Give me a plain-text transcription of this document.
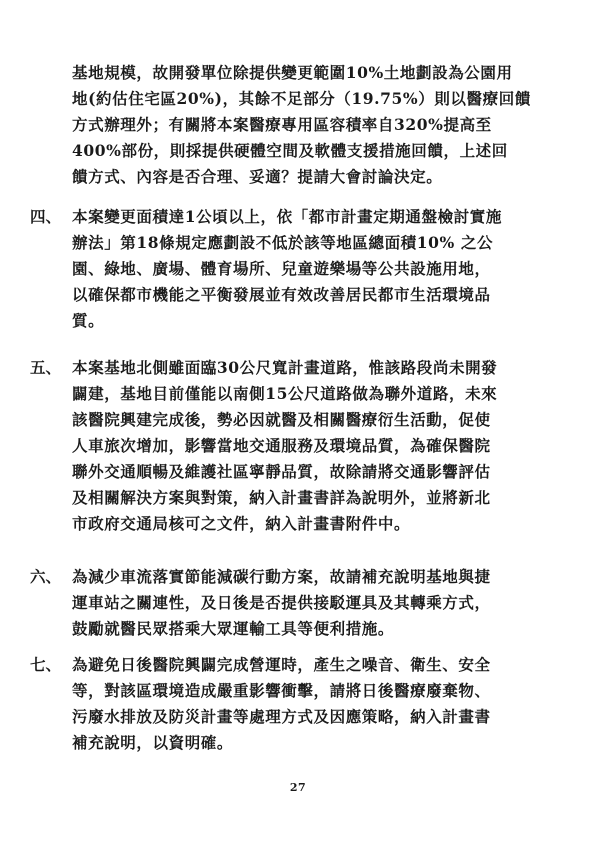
基地規模，故開發單位除提供變更範圍10%土地劃設為公園用
地(約估住宅區20%)，其餘不足部分（19.75%）則以醫療回饋
方式辦理外；有關將本案醫療專用區容積率自320%提高至
400%部份，則採提供硬體空間及軟體支援措施回饋，上述回
饋方式、內容是否合理、妥適？提請大會討論決定。
四、 本案變更面積達1公頃以上，依「都市計畫定期通盤檢討實施
辦法」第18條規定應劃設不低於該等地區總面積10% 之公
園、綠地、廣場、體育場所、兒童遊樂場等公共設施用地，
以確保都市機能之平衡發展並有效改善居民都市生活環境品
質。
五、 本案基地北側雖面臨30公尺寬計畫道路，惟該路段尚未開發
闢建，基地目前僅能以南側15公尺道路做為聯外道路，未來
該醫院興建完成後，勢必因就醫及相關醫療衍生活動，促使
人車旅次增加，影響當地交通服務及環境品質，為確保醫院
聯外交通順暢及維護社區寧靜品質，故除請將交通影響評估
及相關解決方案與對策，納入計畫書詳為說明外，並將新北
市政府交通局核可之文件，納入計畫書附件中。
六、 為減少車流落實節能減碳行動方案，故請補充說明基地與捷
運車站之關連性，及日後是否提供接駁運具及其轉乘方式，
鼓勵就醫民眾搭乘大眾運輸工具等便利措施。
七、 為避免日後醫院興闢完成營運時，產生之噪音、衛生、安全
等，對該區環境造成嚴重影響衝擊，請將日後醫療廢棄物、
污廢水排放及防災計畫等處理方式及因應策略，納入計畫書
補充說明，以資明確。
27
